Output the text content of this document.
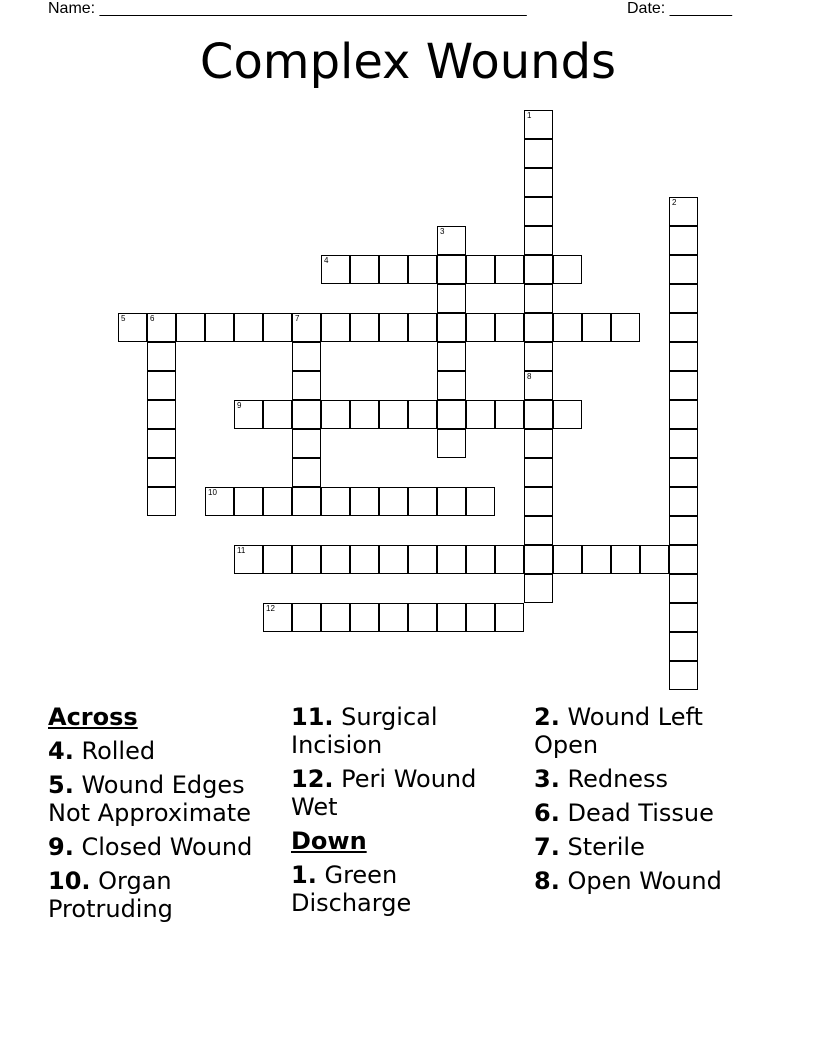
Name: ________________________________________________	Date: _______
Complex Wounds
1
8
2
3
4
5	6	7
9
10
11
12
Across
4. Rolled
5. Wound Edges Not Approximate
9. Closed Wound
10. Organ Protruding
11. Surgical Incision
12. Peri Wound Wet
Down
1. Green Discharge
2. Wound Left Open
3. Redness
6. Dead Tissue
7. Sterile
8. Open Wound
